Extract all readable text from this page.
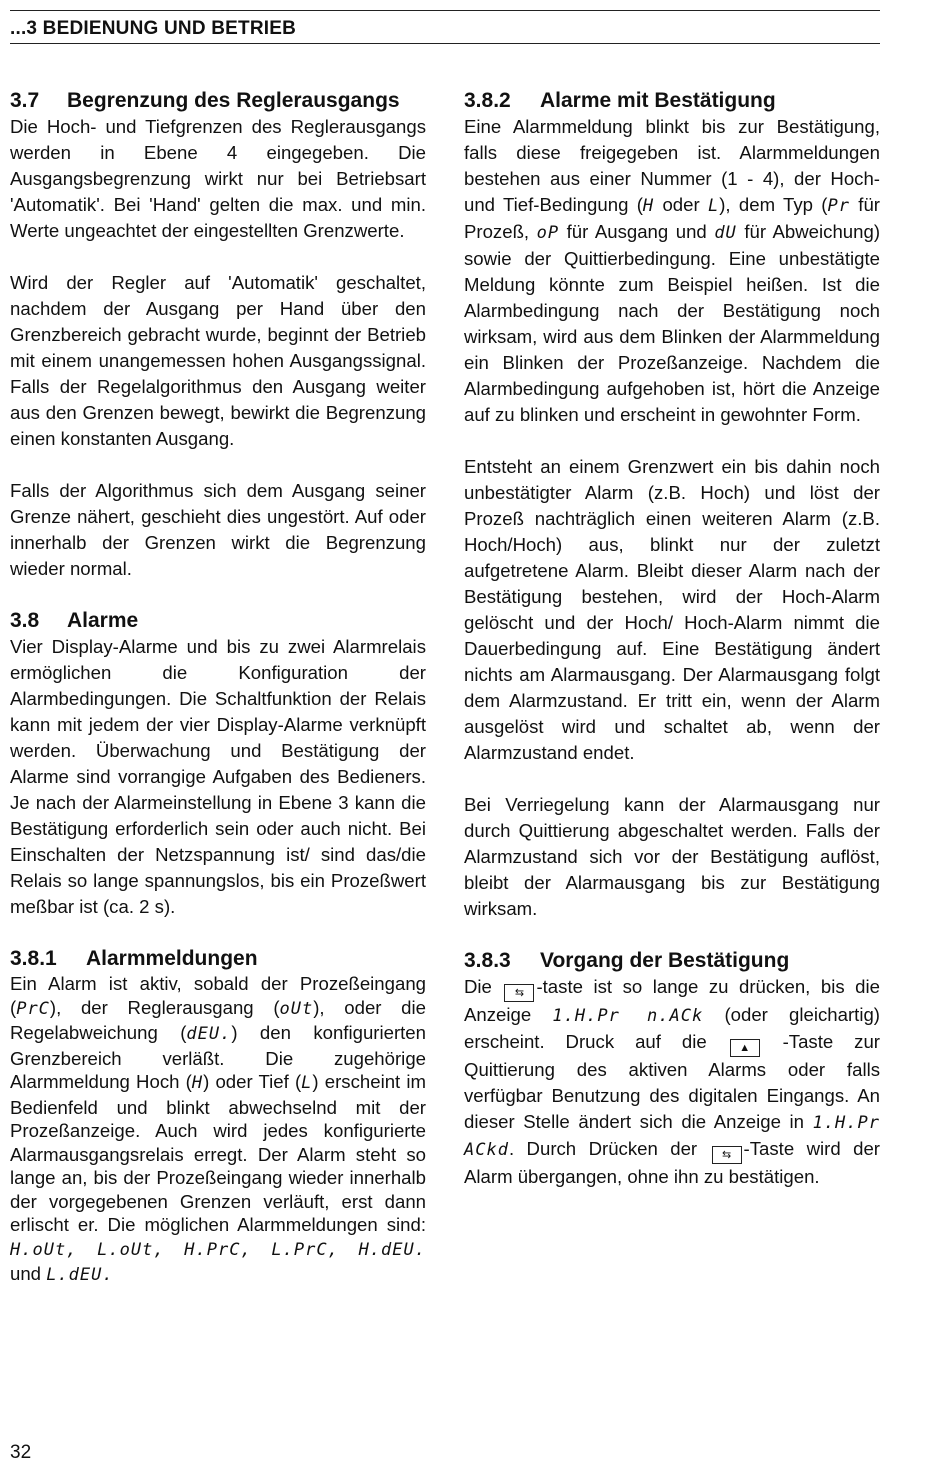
...3 BEDIENUNG UND BETRIEB
3.7 Begrenzung des Reglerausgangs

Die Hoch- und Tiefgrenzen des Reglerausgangs werden in Ebene 4 eingegeben. Die Ausgangsbegrenzung wirkt nur bei Betriebsart 'Automatik'. Bei 'Hand' gelten die max. und min. Werte ungeachtet der eingestellten Grenzwerte.

Wird der Regler auf 'Automatik' geschaltet, nachdem der Ausgang per Hand über den Grenzbereich gebracht wurde, beginnt der Betrieb mit einem unangemessen hohen Ausgangssignal. Falls der Regelalgorithmus den Ausgang weiter aus den Grenzen bewegt, bewirkt die Begrenzung einen konstanten Ausgang.

Falls der Algorithmus sich dem Ausgang seiner Grenze nähert, geschieht dies ungestört. Auf oder innerhalb der Grenzen wirkt die Begrenzung wieder normal.

3.8 Alarme

Vier Display-Alarme und bis zu zwei Alarmrelais ermöglichen die Konfiguration der Alarmbedingungen. Die Schaltfunktion der Relais kann mit jedem der vier Display-Alarme verknüpft werden. Überwachung und Bestätigung der Alarme sind vorrangige Aufgaben des Bedieners. Je nach der Alarmeinstellung in Ebene 3 kann die Bestätigung erforderlich sein oder auch nicht. Bei Einschalten der Netzspannung ist/ sind das/die Relais so lange spannungslos, bis ein Prozeßwert meßbar ist (ca. 2 s).

3.8.1 Alarmmeldungen

Ein Alarm ist aktiv, sobald der Prozeßeingang (PrC), der Reglerausgang (oUt), oder die Regelabweichung (dEU.) den konfigurierten Grenzbereich verläßt. Die zugehörige Alarmmeldung Hoch (H) oder Tief (L) erscheint im Bedienfeld und blinkt abwechselnd mit der Prozeßanzeige. Auch wird jedes konfigurierte Alarmausgangsrelais erregt. Der Alarm steht so lange an, bis der Prozeßeingang wieder innerhalb der vorgegebenen Grenzen verläuft, erst dann erlischt er. Die möglichen Alarmmeldungen sind: H.oUt, L.oUt, H.PrC, L.PrC, H.dEU. und L.dEU.

3.8.2 Alarme mit Bestätigung

Eine Alarmmeldung blinkt bis zur Bestätigung, falls diese freigegeben ist. Alarmmeldungen bestehen aus einer Nummer (1 - 4), der Hoch- und Tief-Bedingung (H oder L), dem Typ (Pr für Prozeß, oP für Ausgang und dU für Abweichung) sowie der Quittierbedingung. Eine unbestätigte Meldung könnte zum Beispiel heißen. Ist die Alarmbedingung nach der Bestätigung noch wirksam, wird aus dem Blinken der Alarmmeldung ein Blinken der Prozeßanzeige. Nachdem die Alarmbedingung aufgehoben ist, hört die Anzeige auf zu blinken und erscheint in gewohnter Form.

Entsteht an einem Grenzwert ein bis dahin noch unbestätigter Alarm (z.B. Hoch) und löst der Prozeß nachträglich einen weiteren Alarm (z.B. Hoch/Hoch) aus, blinkt nur der zuletzt aufgetretene Alarm. Bleibt dieser Alarm nach der Bestätigung bestehen, wird der Hoch-Alarm gelöscht und der Hoch/ Hoch-Alarm nimmt die Dauerbedingung auf. Eine Bestätigung ändert nichts am Alarmausgang. Der Alarmausgang folgt dem Alarmzustand. Er tritt ein, wenn der Alarm ausgelöst wird und schaltet ab, wenn der Alarmzustand endet.

Bei Verriegelung kann der Alarmausgang nur durch Quittierung abgeschaltet werden. Falls der Alarmzustand sich vor der Bestätigung auflöst, bleibt der Alarmausgang bis zur Bestätigung wirksam.

3.8.3 Vorgang der Bestätigung

Die ⇆ -taste ist so lange zu drücken, bis die Anzeige 1.H.Pr n.ACk (oder gleichartig) erscheint. Druck auf die ▲ -Taste zur Quittierung des aktiven Alarms oder falls verfügbar Benutzung des digitalen Eingangs. An dieser Stelle ändert sich die Anzeige in 1.H.Pr ACkd. Durch Drücken der ⇆ -Taste wird der Alarm übergangen, ohne ihn zu bestätigen.

32
